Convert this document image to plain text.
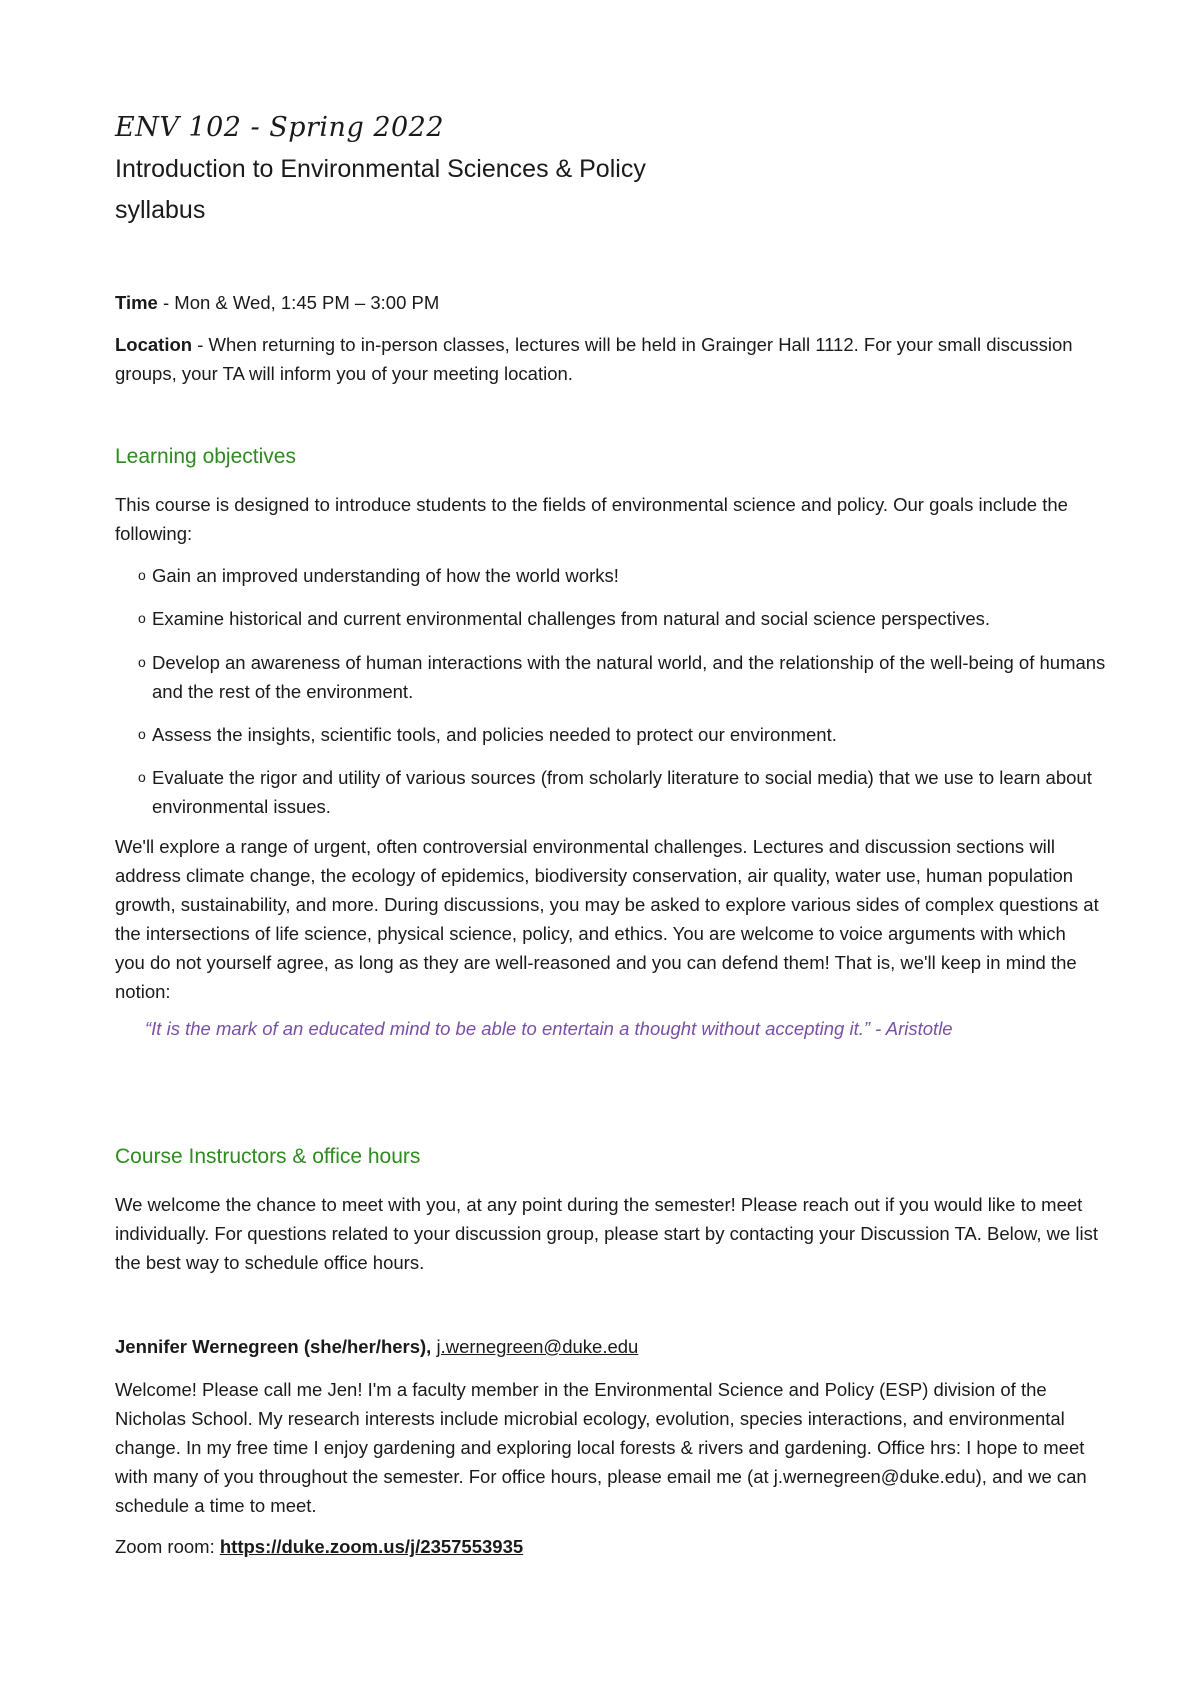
ENV 102 - Spring 2022
Introduction to Environmental Sciences & Policy
syllabus
Time - Mon & Wed, 1:45 PM – 3:00 PM
Location - When returning to in-person classes, lectures will be held in Grainger Hall 1112. For your small discussion groups, your TA will inform you of your meeting location.
Learning objectives
This course is designed to introduce students to the fields of environmental science and policy. Our goals include the following:
o Gain an improved understanding of how the world works!
o Examine historical and current environmental challenges from natural and social science perspectives.
o Develop an awareness of human interactions with the natural world, and the relationship of the well-being of humans and the rest of the environment.
o Assess the insights, scientific tools, and policies needed to protect our environment.
o Evaluate the rigor and utility of various sources (from scholarly literature to social media) that we use to learn about environmental issues.
We'll explore a range of urgent, often controversial environmental challenges. Lectures and discussion sections will address climate change, the ecology of epidemics, biodiversity conservation, air quality, water use, human population growth, sustainability, and more. During discussions, you may be asked to explore various sides of complex questions at the intersections of life science, physical science, policy, and ethics. You are welcome to voice arguments with which you do not yourself agree, as long as they are well-reasoned and you can defend them! That is, we'll keep in mind the notion:
“It is the mark of an educated mind to be able to entertain a thought without accepting it.” - Aristotle
Course Instructors & office hours
We welcome the chance to meet with you, at any point during the semester! Please reach out if you would like to meet individually. For questions related to your discussion group, please start by contacting your Discussion TA. Below, we list the best way to schedule office hours.
Jennifer Wernegreen (she/her/hers), j.wernegreen@duke.edu
Welcome! Please call me Jen! I'm a faculty member in the Environmental Science and Policy (ESP) division of the Nicholas School. My research interests include microbial ecology, evolution, species interactions, and environmental change. In my free time I enjoy gardening and exploring local forests & rivers and gardening. Office hrs: I hope to meet with many of you throughout the semester. For office hours, please email me (at j.wernegreen@duke.edu), and we can schedule a time to meet.
Zoom room: https://duke.zoom.us/j/2357553935
